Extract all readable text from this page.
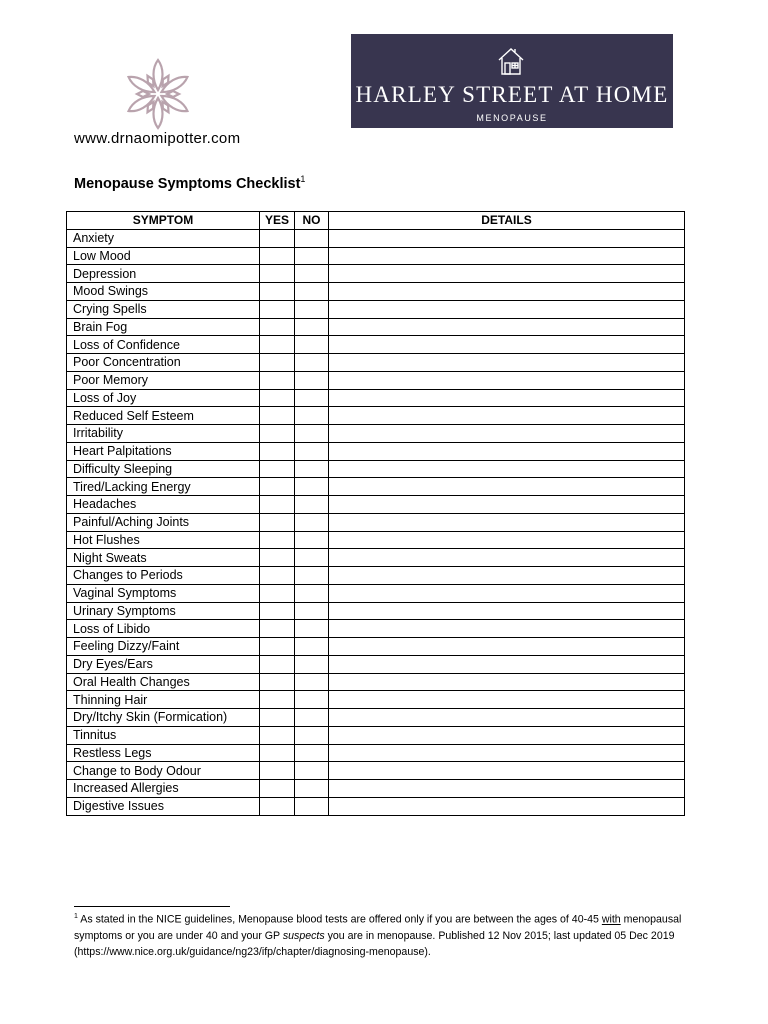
HARLEY STREET AT HOME
MENOPAUSE
www.drnaomipotter.com
Menopause Symptoms Checklist$^1$
SYMPTOM	YES	NO	DETAILS
Anxiety			
Low Mood			
Depression			
Mood Swings			
Crying Spells			
Brain Fog			
Loss of Confidence			
Poor Concentration			
Poor Memory			
Loss of Joy			
Reduced Self Esteem			
Irritability			
Heart Palpitations			
Difficulty Sleeping			
Tired/Lacking Energy			
Headaches			
Painful/Aching Joints			
Hot Flushes			
Night Sweats			
Changes to Periods			
Vaginal Symptoms			
Urinary Symptoms			
Loss of Libido			
Feeling Dizzy/Faint			
Dry Eyes/Ears			
Oral Health Changes			
Thinning Hair			
Dry/Itchy Skin (Formication)			
Tinnitus			
Restless Legs			
Change to Body Odour			
Increased Allergies			
Digestive Issues			
$^1$ As stated in the NICE guidelines, Menopause blood tests are offered only if you are between the ages of 40-45 with menopausal symptoms or you are under 40 and your GP suspects you are in menopause. Published 12 Nov 2015; last updated 05 Dec 2019 (https://www.nice.org.uk/guidance/ng23/ifp/chapter/diagnosing-menopause).
